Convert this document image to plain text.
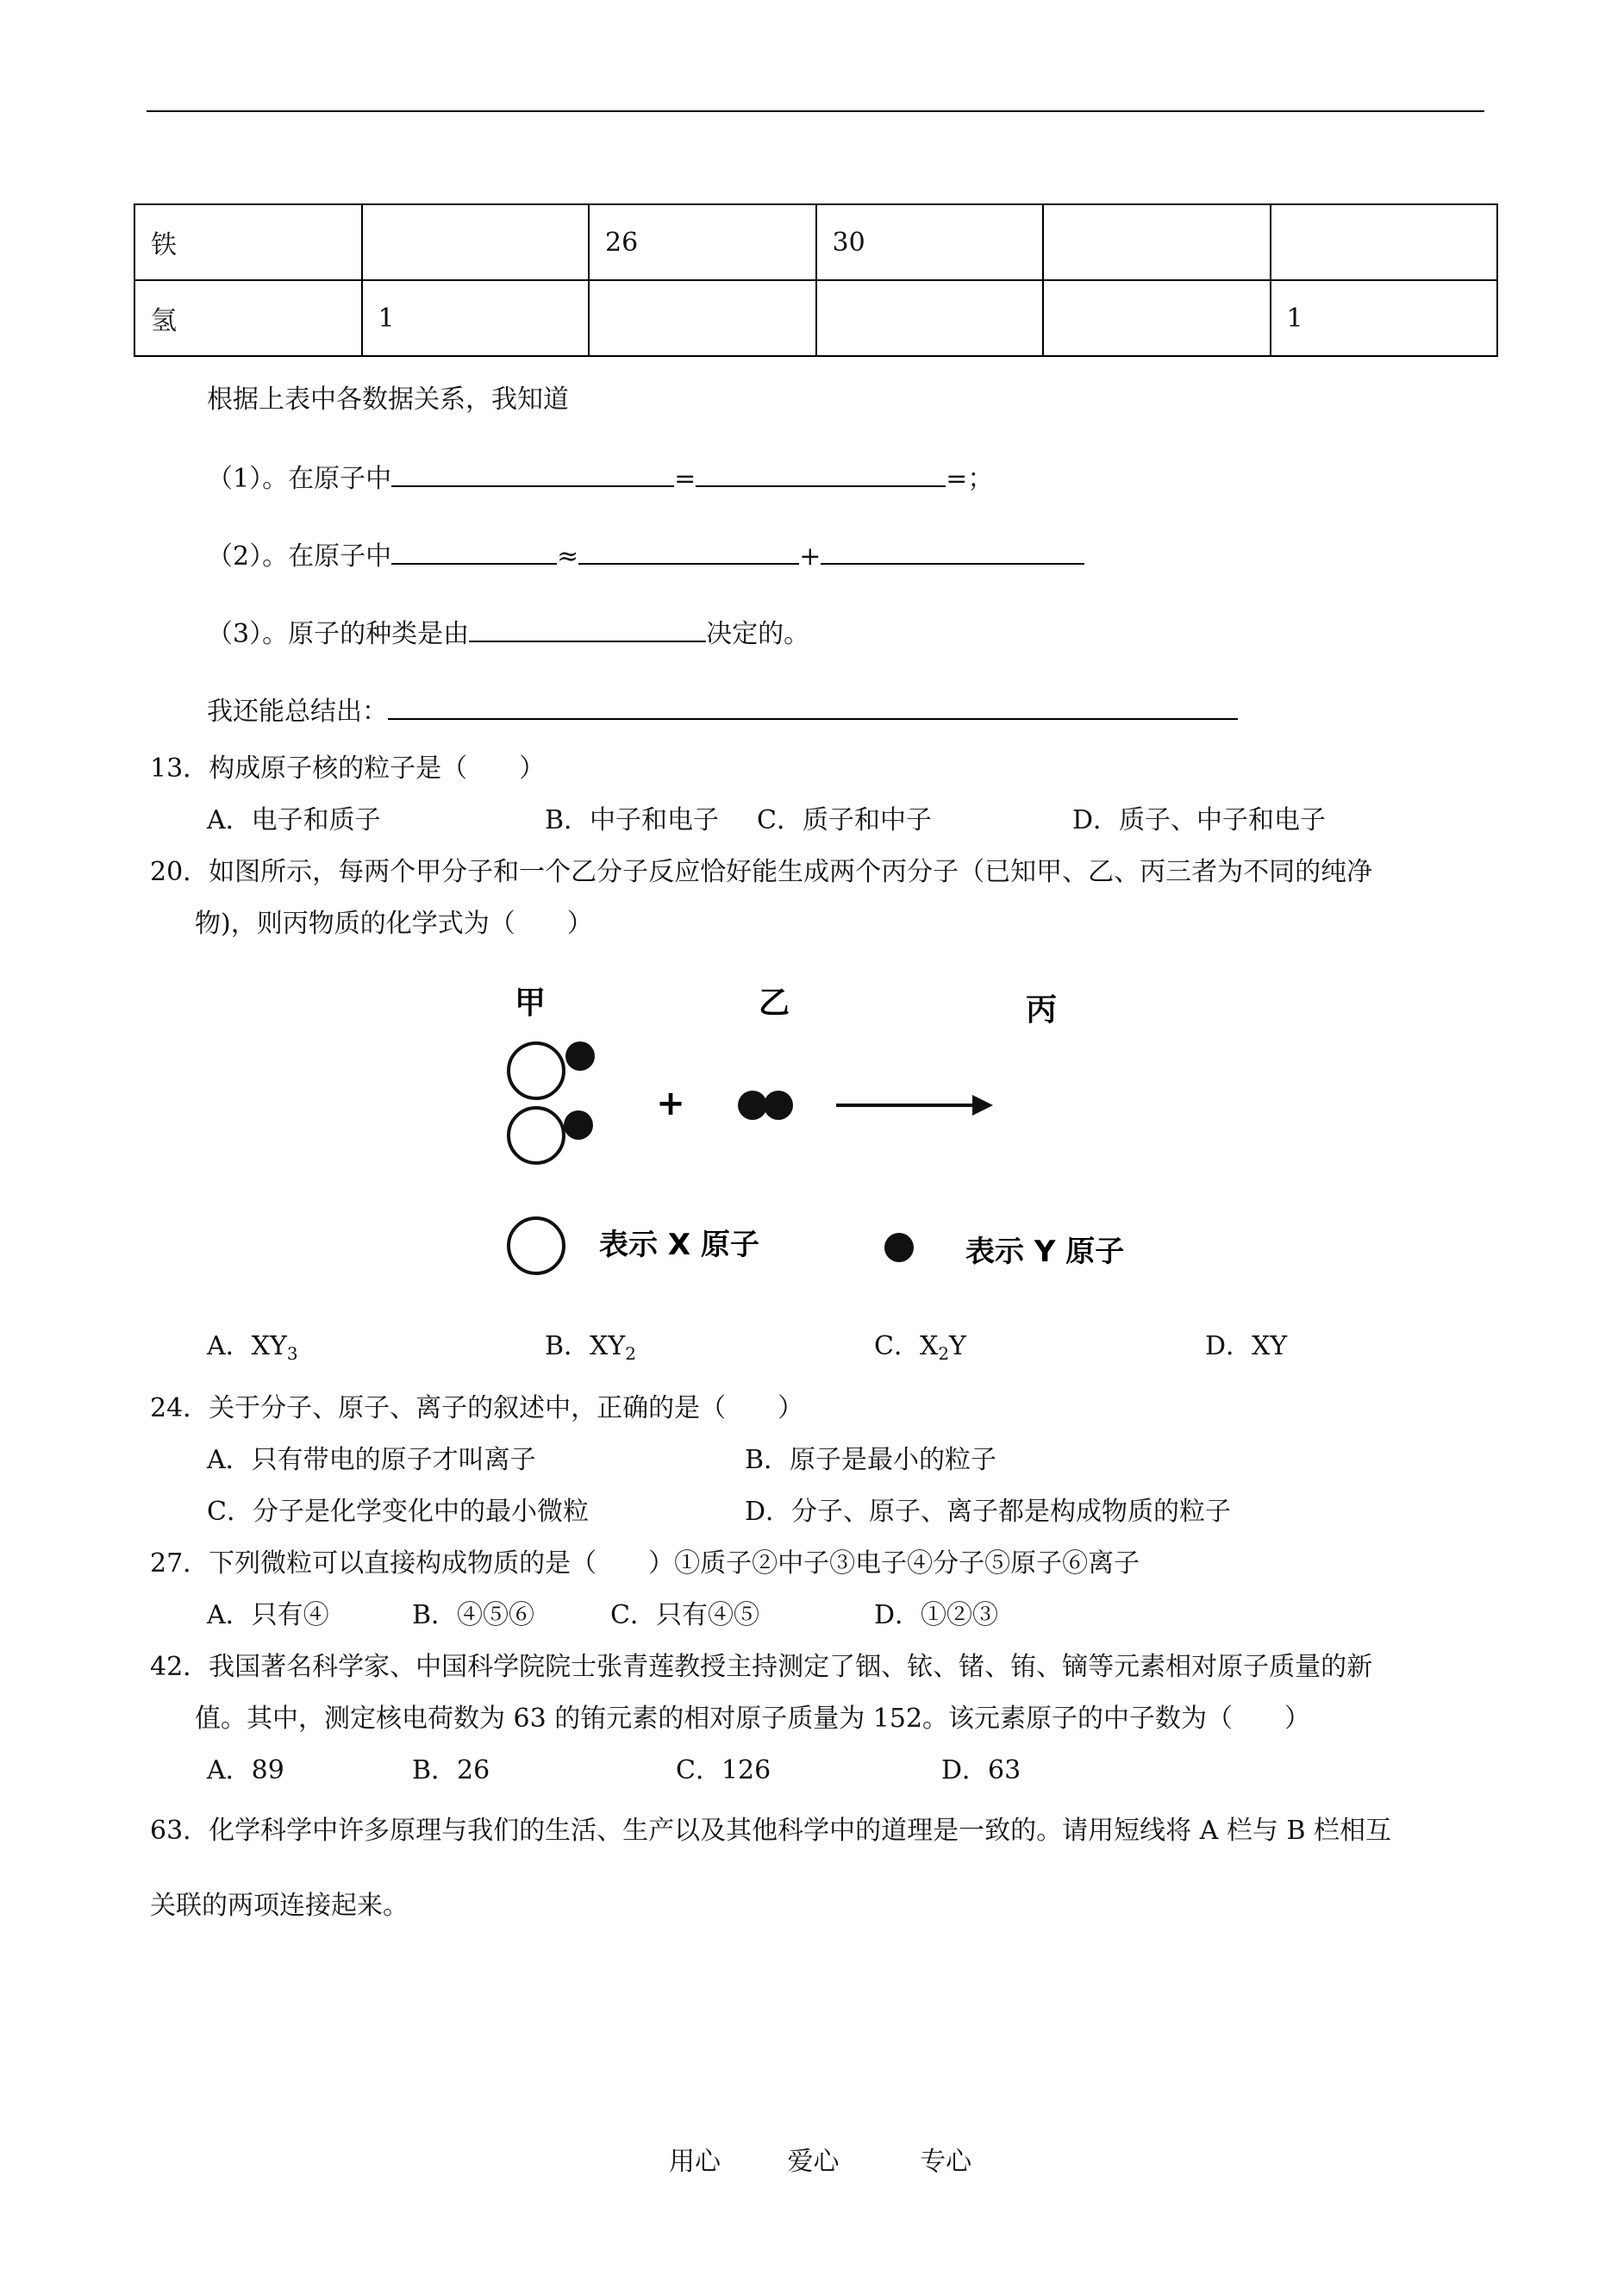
铁		26	30		
氢	1				1
根据上表中各数据关系，我知道
（1）。在原子中	=	=；
（2）。在原子中	≈	+
（3）。原子的种类是由	决定的。
我还能总结出：
13．构成原子核的粒子是（　　）
A．电子和质子	B．中子和电子 C．质子和中子	D．质子、中子和电子
20．如图所示，每两个甲分子和一个乙分子反应恰好能生成两个丙分子（已知甲、乙、丙三者为不同的纯净
物)，则丙物质的化学式为（　　）
甲	乙	丙
+
表示 X 原子	表示 Y 原子
A．$XY_3$	B．$XY_2$	C．$X_2Y$	D．XY
24．关于分子、原子、离子的叙述中，正确的是（　　）
A．只有带电的原子才叫离子	B．原子是最小的粒子
C．分子是化学变化中的最小微粒	D．分子、原子、离子都是构成物质的粒子
27．下列微粒可以直接构成物质的是（　　）①质子②中子③电子④分子⑤原子⑥离子
A．只有④	B．④⑤⑥	C．只有④⑤	D．①②③
42．我国著名科学家、中国科学院院士张青莲教授主持测定了铟、铱、锗、铕、镝等元素相对原子质量的新
值。其中，测定核电荷数为 63 的铕元素的相对原子质量为 152。该元素原子的中子数为（　　）
A．89	B．26	C．126	D．63
63．化学科学中许多原理与我们的生活、生产以及其他科学中的道理是一致的。请用短线将 A 栏与 B 栏相互
关联的两项连接起来。
用心	爱心	专心
